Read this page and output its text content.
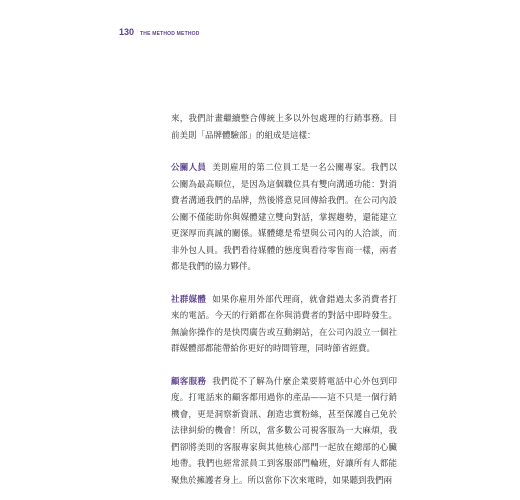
130 THE METHOD METHOD

來，我們計畫繼續整合傳統上多以外包處理的行銷事務。目前美則「品牌體驗部」的組成是這樣：

公關人員 美則雇用的第二位員工是一名公關專家。我們以公關為最高順位，是因為這個職位具有雙向溝通功能：對消費者溝通我們的品牌，然後將意見回傳給我們。在公司內設公關不僅能助你與媒體建立雙向對話，掌握趨勢，還能建立更深厚而真誠的關係。媒體總是希望與公司內的人洽談，而非外包人員。我們看待媒體的態度與看待零售商一樣，兩者都是我們的協力夥伴。

社群媒體 如果你雇用外部代理商，就會錯過太多消費者打來的電話。今天的行銷都在你與消費者的對話中即時發生。無論你操作的是快閃廣告或互動網站，在公司內設立一個社群媒體部都能帶給你更好的時間管理，同時節省經費。

顧客服務 我們從不了解為什麼企業要將電話中心外包到印度。打電話來的顧客都用過你的產品——這不只是一個行銷機會，更是洞察新資訊、創造忠實粉絲，甚至保護自己免於法律糾紛的機會！所以，當多數公司視客服為一大麻煩，我們卻將美則的客服專家與其他核心部門一起放在總部的心臟地帶。我們也經常派員工到客服部門輪班，好讓所有人都能聚焦於擁護者身上。所以當你下次來電時，如果聽到我們兩
